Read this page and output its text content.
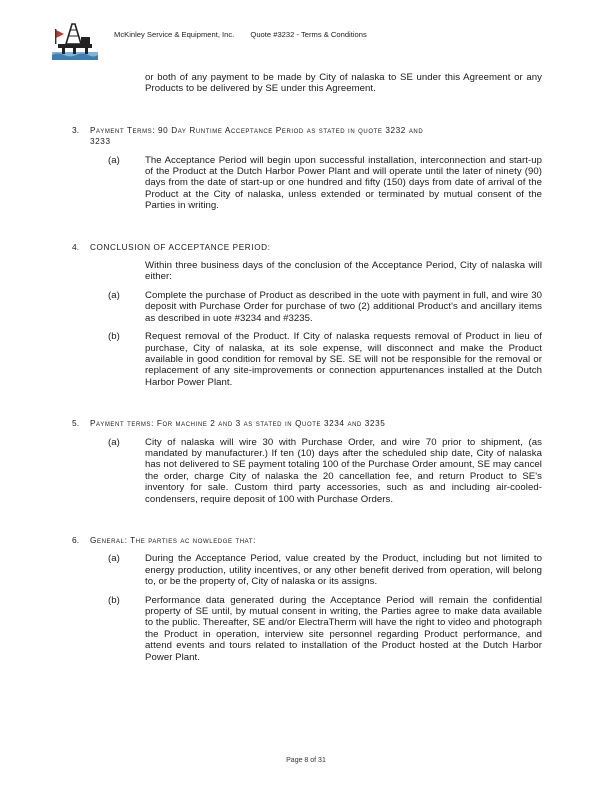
McKinley Service & Equipment, Inc. Quote #3232 - Terms & Conditions

or both of any payment to be made by City of nalaska to SE under this Agreement or any Products to be delivered by SE under this Agreement.

3.	Payment Terms: 90 Day Runtime Acceptance Period as stated in quote 3232 and
3233
(a)	The Acceptance Period will begin upon successful installation, interconnection and start-up of the Product at the Dutch Harbor Power Plant and will operate until the later of ninety (90) days from the date of start-up or one hundred and fifty (150) days from date of arrival of the Product at the City of nalaska, unless extended or terminated by mutual consent of the Parties in writing.

4.	CONCLUSION OF ACCEPTANCE PERIOD:

Within three business days of the conclusion of the Acceptance Period, City of nalaska will either:

(a)	Complete the purchase of Product as described in the uote with payment in full, and wire 30 deposit with Purchase Order for purchase of two (2) additional Product's and ancillary items as described in uote #3234 and #3235.

(b)	Request removal of the Product. If City of nalaska requests removal of Product in lieu of purchase, City of nalaska, at its sole expense, will disconnect and make the Product available in good condition for removal by SE. SE will not be responsible for the removal or replacement of any site-improvements or connection appurtenances installed at the Dutch Harbor Power Plant.

5.	Payment terms: For machine 2 and 3 as stated in Quote 3234 and 3235
(a)	City of nalaska will wire 30 with Purchase Order, and wire 70 prior to shipment, (as mandated by manufacturer.) If ten (10) days after the scheduled ship date, City of nalaska has not delivered to SE payment totaling 100 of the Purchase Order amount, SE may cancel the order, charge City of nalaska the 20 cancellation fee, and return Product to SE's inventory for sale. Custom third party accessories, such as and including air-cooled-condensers, require deposit of 100 with Purchase Orders.

6.	General: The parties ac nowledge that:
(a)	During the Acceptance Period, value created by the Product, including but not limited to energy production, utility incentives, or any other benefit derived from operation, will belong to, or be the property of, City of nalaska or its assigns.

(b)	Performance data generated during the Acceptance Period will remain the confidential property of SE until, by mutual consent in writing, the Parties agree to make data available to the public. Thereafter, SE and/or ElectraTherm will have the right to video and photograph the Product in operation, interview site personnel regarding Product performance, and attend events and tours related to installation of the Product hosted at the Dutch Harbor Power Plant.

Page 8 of 31
